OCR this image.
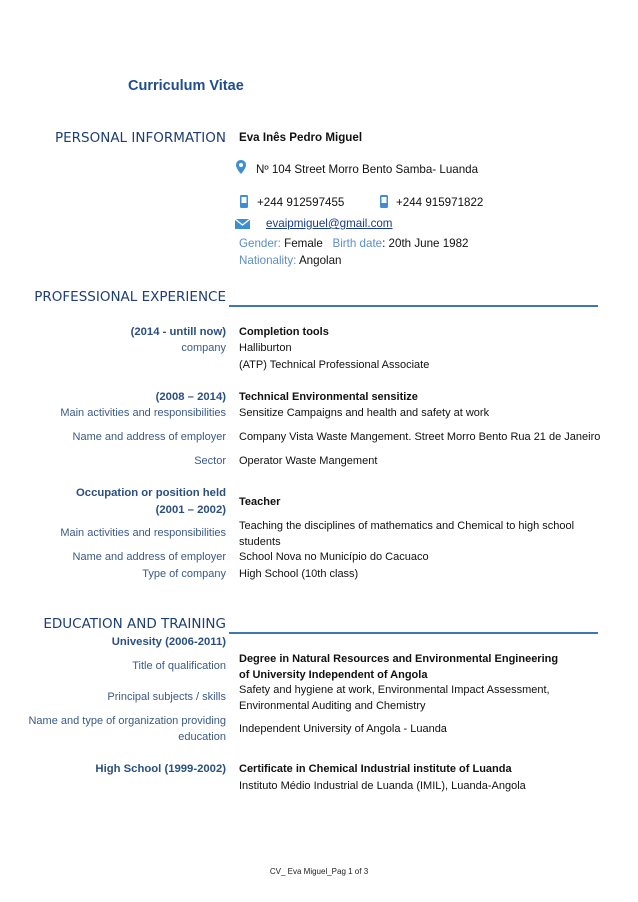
Curriculum Vitae
PERSONAL INFORMATION Eva Inês Pedro Miguel
Nº 104 Street Morro Bento Samba- Luanda
+244 912597455	+244 915971822
evaipmiguel@gmail.com
Gender: Female Birth date: 20th June 1982
Nationality: Angolan
PROFESSIONAL EXPERIENCE
(2014 - untill now) Completion tools
company Halliburton
(ATP) Technical Professional Associate
(2008 – 2014) Technical Environmental sensitize
Main activities and responsibilities Sensitize Campaigns and health and safety at work
Name and address of employer Company Vista Waste Mangement. Street Morro Bento Rua 21 de Janeiro
Sector Operator Waste Mangement
Occupation or position held
(2001 – 2002)
Teacher
Main activities and responsibilities
Teaching the disciplines of mathematics and Chemical to high school students
Name and address of employer School Nova no Município do Cacuaco
Type of company High School (10th class)
EDUCATION AND TRAINING
Univesity (2006-2011)
Title of qualification
Degree in Natural Resources and Environmental Engineering of University Independent of Angola
Principal subjects / skills
Safety and hygiene at work, Environmental Impact Assessment, Environmental Auditing and Chemistry
Name and type of organization providing education
Independent University of Angola - Luanda
High School (1999-2002) Certificate in Chemical Industrial institute of Luanda
Instituto Médio Industrial de Luanda (IMIL), Luanda-Angola
CV_ Eva Miguel_Pag 1 of 3
